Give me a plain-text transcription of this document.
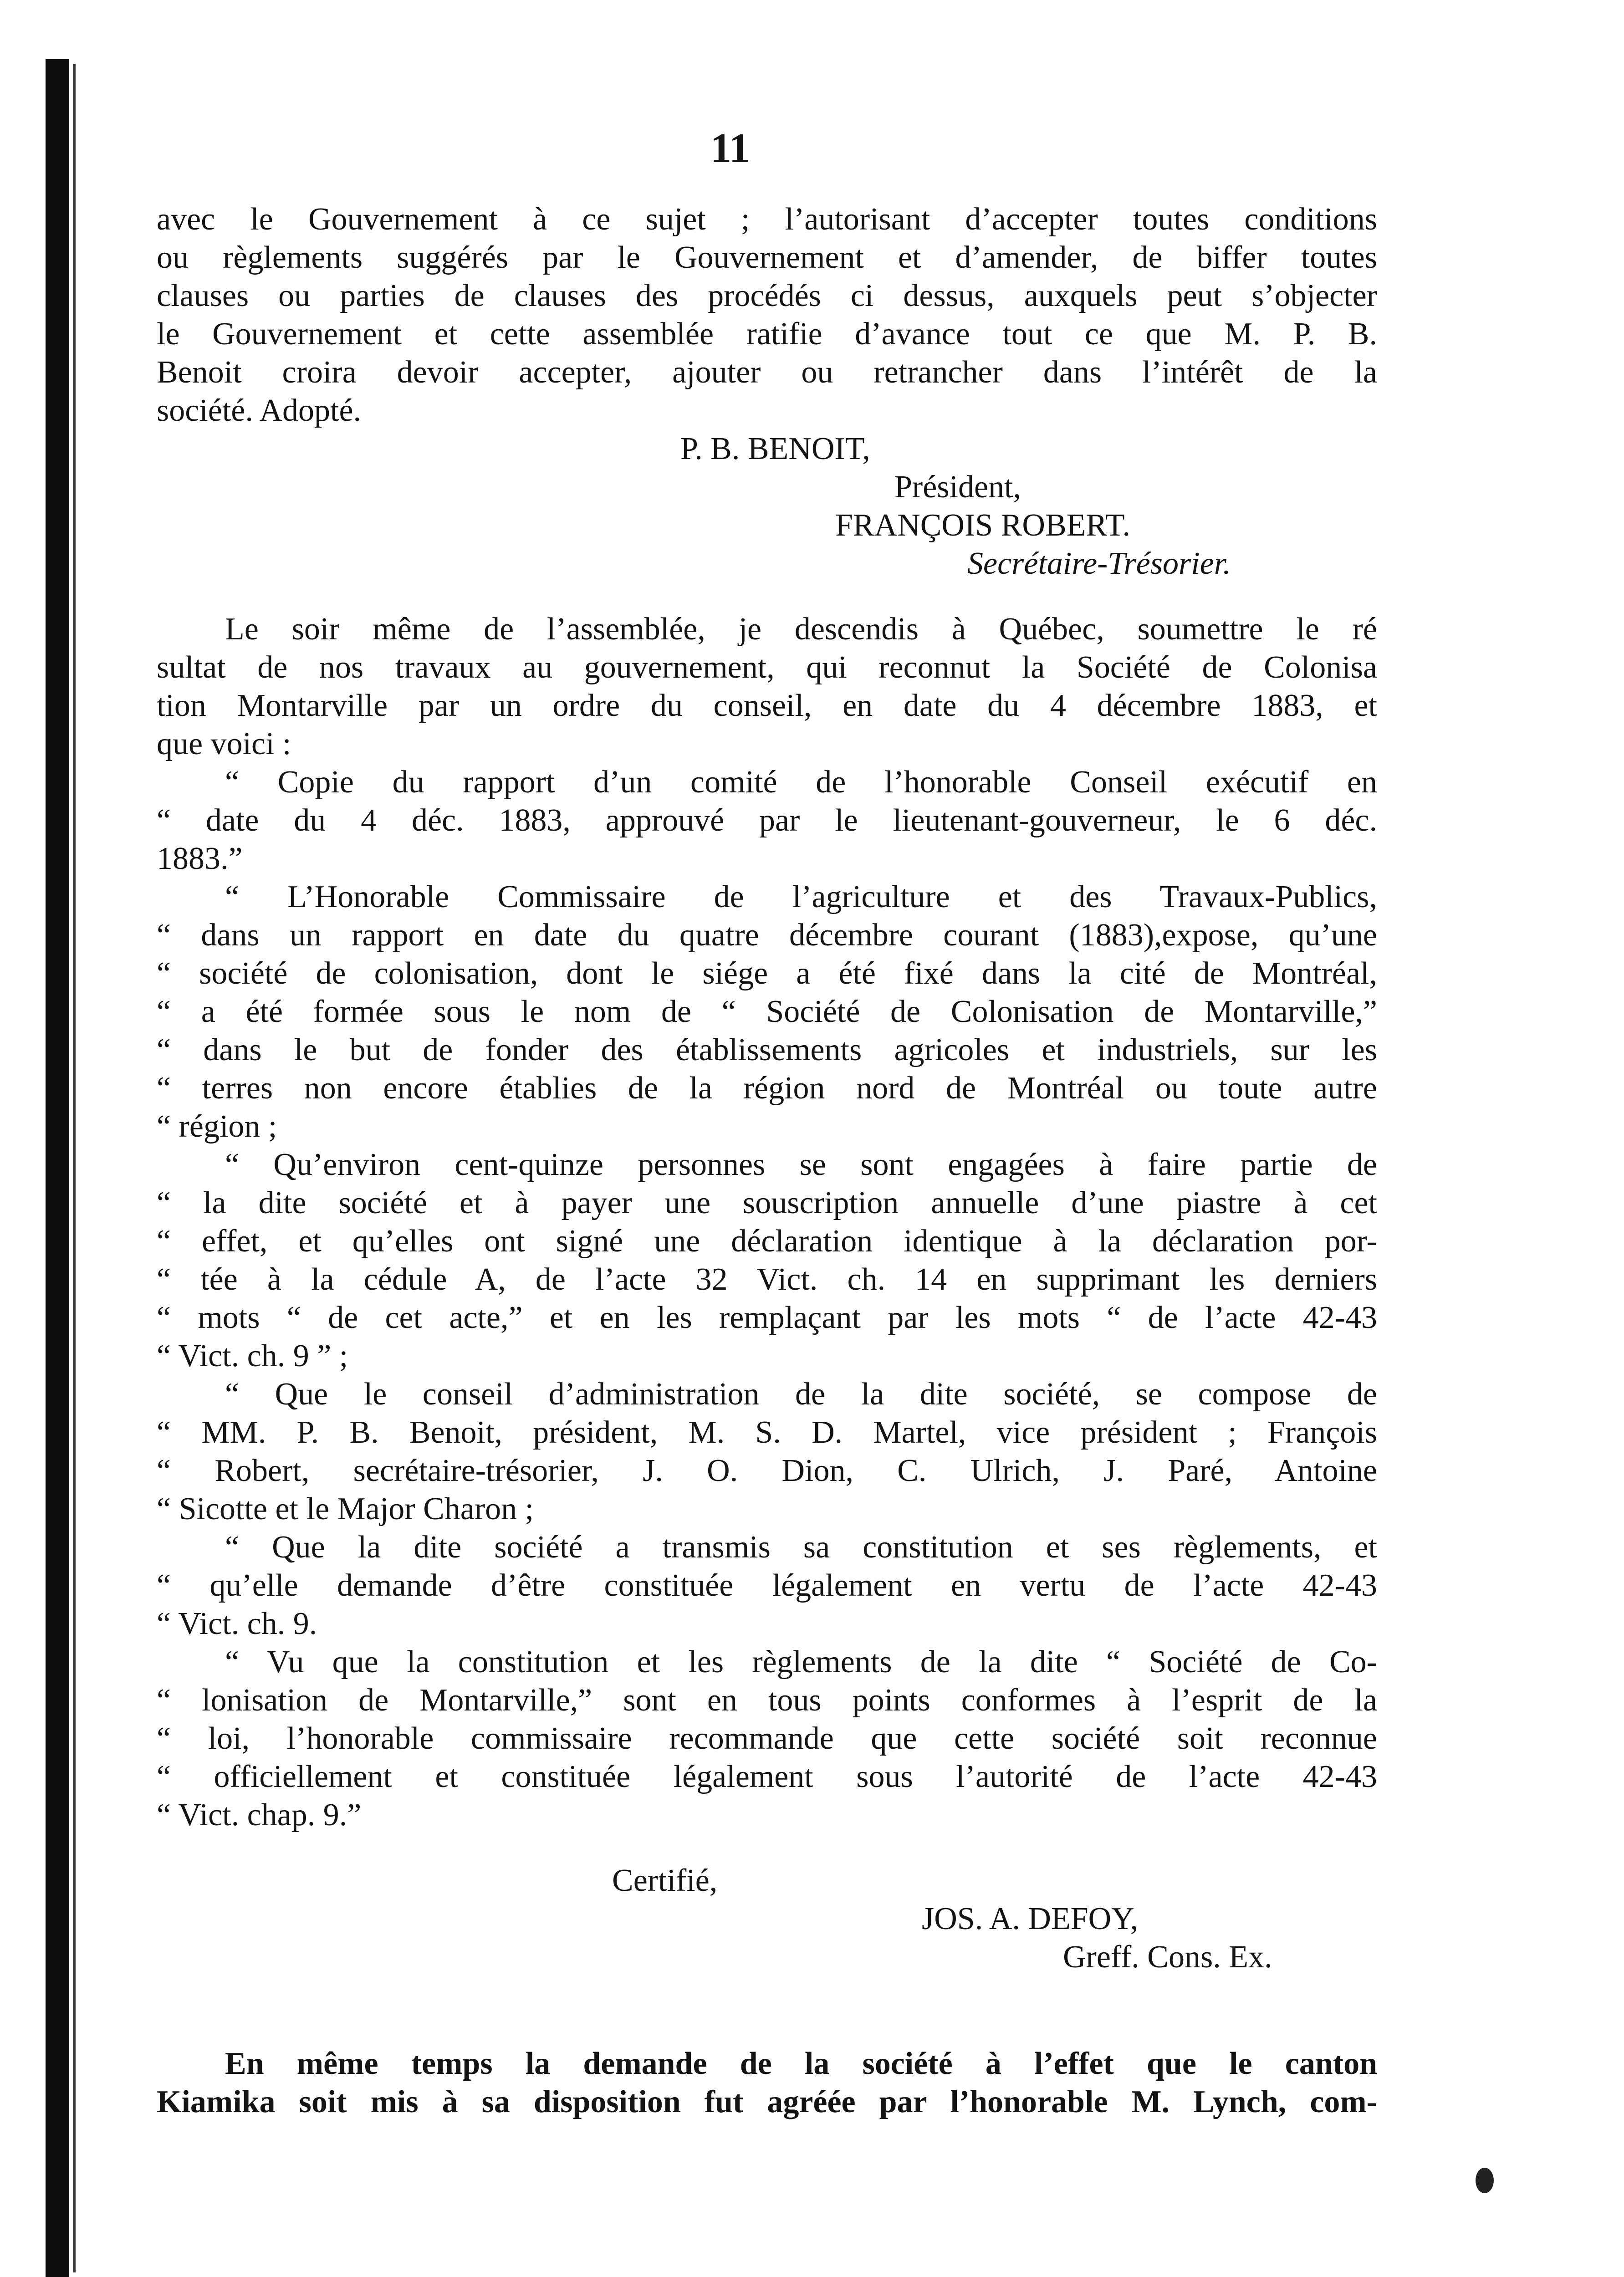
11

avec le Gouvernement à ce sujet ; l’autorisant d’accepter toutes conditions
ou règlements suggérés par le Gouvernement et d’amender, de biffer toutes
clauses ou parties de clauses des procédés ci dessus, auxquels peut s’objecter
le Gouvernement et cette assemblée ratifie d’avance tout ce que M. P. B.
Benoit croira devoir accepter, ajouter ou retrancher dans l’intérêt de la
société. Adopté.

P. B. BENOIT,
Président,
FRANÇOIS ROBERT.
Secrétaire-Trésorier.

Le soir même de l’assemblée, je descendis à Québec, soumettre le ré
sultat de nos travaux au gouvernement, qui reconnut la Société de Colonisa
tion Montarville par un ordre du conseil, en date du 4 décembre 1883, et
que voici :

“ Copie du rapport d’un comité de l’honorable Conseil exécutif en
“ date du 4 déc. 1883, approuvé par le lieutenant-gouverneur, le 6 déc.
1883.”

“ L’Honorable Commissaire de l’agriculture et des Travaux-Publics,
“ dans un rapport en date du quatre décembre courant (1883),expose, qu’une
“ société de colonisation, dont le siége a été fixé dans la cité de Montréal,
“ a été formée sous le nom de “ Société de Colonisation de Montarville,”
“ dans le but de fonder des établissements agricoles et industriels, sur les
“ terres non encore établies de la région nord de Montréal ou toute autre
“ région ;

“ Qu’environ cent-quinze personnes se sont engagées à faire partie de
“ la dite société et à payer une souscription annuelle d’une piastre à cet
“ effet, et qu’elles ont signé une déclaration identique à la déclaration por-
“ tée à la cédule A, de l’acte 32 Vict. ch. 14 en supprimant les derniers
“ mots “ de cet acte,” et en les remplaçant par les mots “ de l’acte 42-43
“ Vict. ch. 9 ” ;

“ Que le conseil d’administration de la dite société, se compose de
“ MM. P. B. Benoit, président, M. S. D. Martel, vice président ; François
“ Robert, secrétaire-trésorier, J. O. Dion, C. Ulrich, J. Paré, Antoine
“ Sicotte et le Major Charon ;

“ Que la dite société a transmis sa constitution et ses règlements, et
“ qu’elle demande d’être constituée légalement en vertu de l’acte 42-43
“ Vict. ch. 9.

“ Vu que la constitution et les règlements de la dite “ Société de Co-
“ lonisation de Montarville,” sont en tous points conformes à l’esprit de la
“ loi, l’honorable commissaire recommande que cette société soit reconnue
“ officiellement et constituée légalement sous l’autorité de l’acte 42-43
“ Vict. chap. 9.”

Certifié,
JOS. A. DEFOY,
Greff. Cons. Ex.

En même temps la demande de la société à l’effet que le canton
Kiamika soit mis à sa disposition fut agréée par l’honorable M. Lynch, com-
